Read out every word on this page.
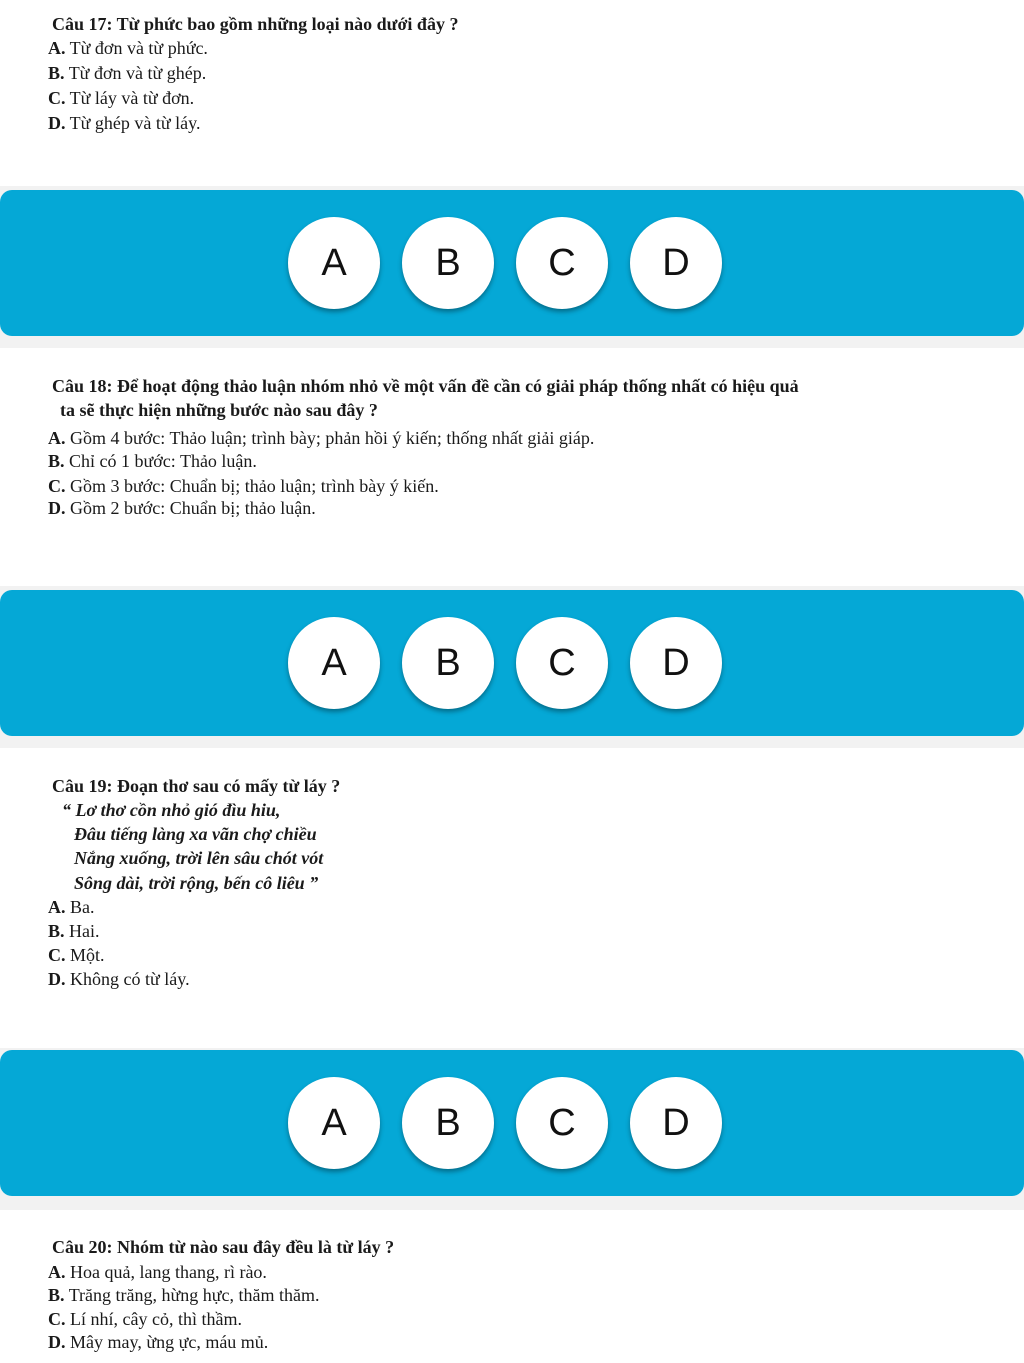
Câu 17: Từ phức bao gồm những loại nào dưới đây ?
A. Từ đơn và từ phức.
B. Từ đơn và từ ghép.
C. Từ láy và từ đơn.
D. Từ ghép và từ láy.
A	B	C	D
Câu 18: Để hoạt động thảo luận nhóm nhỏ về một vấn đề cần có giải pháp thống nhất có hiệu quả
ta sẽ thực hiện những bước nào sau đây ?
A. Gồm 4 bước: Thảo luận; trình bày; phản hồi ý kiến; thống nhất giải giáp.
B. Chỉ có 1 bước: Thảo luận.
C. Gồm 3 bước: Chuẩn bị; thảo luận; trình bày ý kiến.
D. Gồm 2 bước: Chuẩn bị; thảo luận.
A	B	C	D
Câu 19: Đoạn thơ sau có mấy từ láy ?
“ Lơ thơ cồn nhỏ gió đìu hiu,
Đâu tiếng làng xa vãn chợ chiều
Nắng xuống, trời lên sâu chót vót
Sông dài, trời rộng, bến cô liêu ”
A. Ba.
B. Hai.
C. Một.
D. Không có từ láy.
A	B	C	D
Câu 20: Nhóm từ nào sau đây đều là từ láy ?
A. Hoa quả, lang thang, rì rào.
B. Trăng trăng, hừng hực, thăm thăm.
C. Lí nhí, cây cỏ, thì thầm.
D. Mây may, ừng ực, máu mủ.
